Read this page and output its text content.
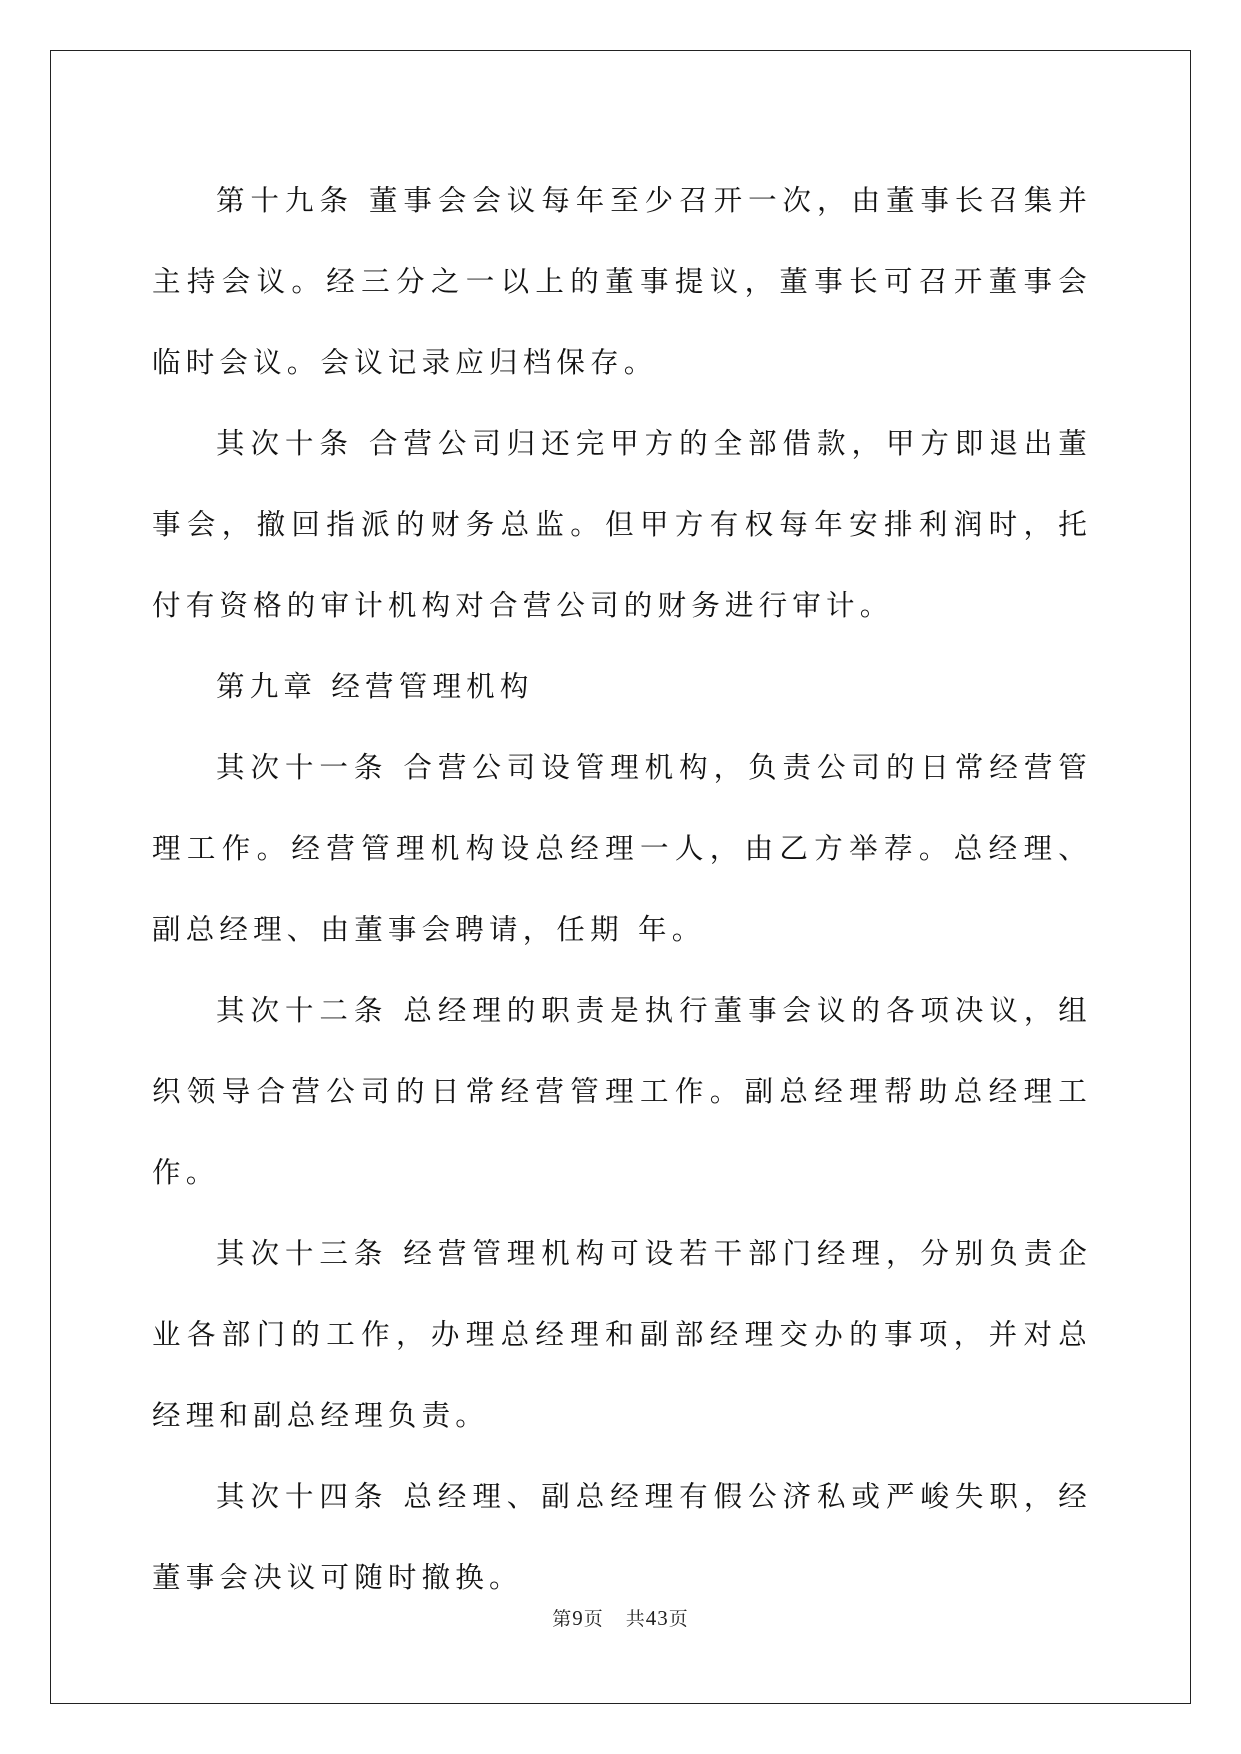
第十九条 董事会会议每年至少召开一次，由董事长召集并主持会议。经三分之一以上的董事提议，董事长可召开董事会临时会议。会议记录应归档保存。

其次十条 合营公司归还完甲方的全部借款，甲方即退出董事会，撤回指派的财务总监。但甲方有权每年安排利润时，托付有资格的审计机构对合营公司的财务进行审计。

第九章 经营管理机构

其次十一条 合营公司设管理机构，负责公司的日常经营管理工作。经营管理机构设总经理一人，由乙方举荐。总经理、副总经理、由董事会聘请，任期 年。

其次十二条 总经理的职责是执行董事会议的各项决议，组织领导合营公司的日常经营管理工作。副总经理帮助总经理工作。

其次十三条 经营管理机构可设若干部门经理，分别负责企业各部门的工作，办理总经理和副部经理交办的事项，并对总经理和副总经理负责。

其次十四条 总经理、副总经理有假公济私或严峻失职，经董事会决议可随时撤换。

第9页 共43页
